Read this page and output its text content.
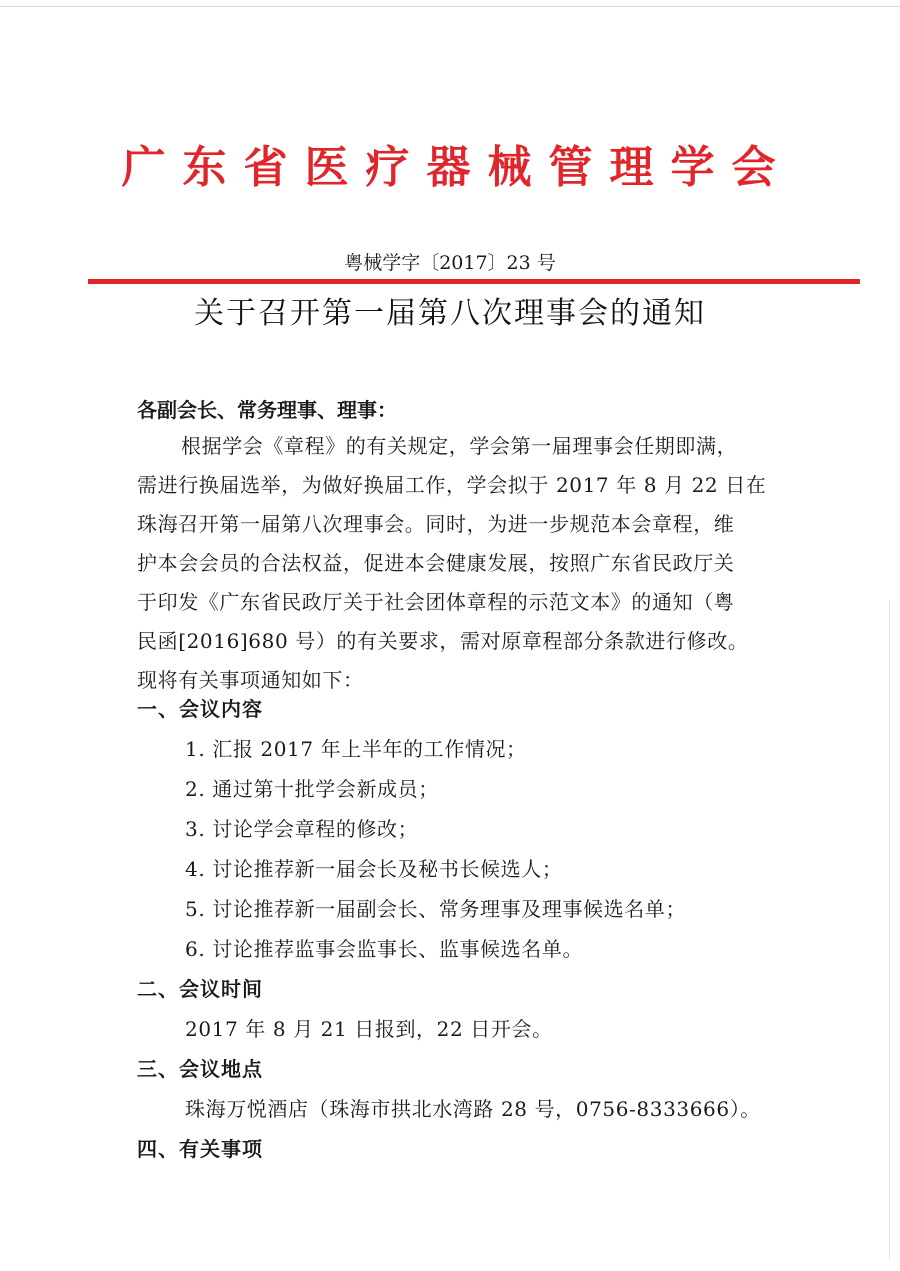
广东省医疗器械管理学会
粤械学字〔2017〕23 号
关于召开第一届第八次理事会的通知
各副会长、常务理事、理事：
根据学会《章程》的有关规定，学会第一届理事会任期即满，
需进行换届选举，为做好换届工作，学会拟于 2017 年 8 月 22 日在
珠海召开第一届第八次理事会。同时，为进一步规范本会章程，维
护本会会员的合法权益，促进本会健康发展，按照广东省民政厅关
于印发《广东省民政厅关于社会团体章程的示范文本》的通知（粤
民函[2016]680 号）的有关要求，需对原章程部分条款进行修改。
现将有关事项通知如下：
一、会议内容
1. 汇报 2017 年上半年的工作情况；
2. 通过第十批学会新成员；
3. 讨论学会章程的修改；
4. 讨论推荐新一届会长及秘书长候选人；
5. 讨论推荐新一届副会长、常务理事及理事候选名单；
6. 讨论推荐监事会监事长、监事候选名单。
二、会议时间
2017 年 8 月 21 日报到，22 日开会。
三、会议地点
珠海万悦酒店（珠海市拱北水湾路 28 号，0756-8333666）。
四、有关事项
